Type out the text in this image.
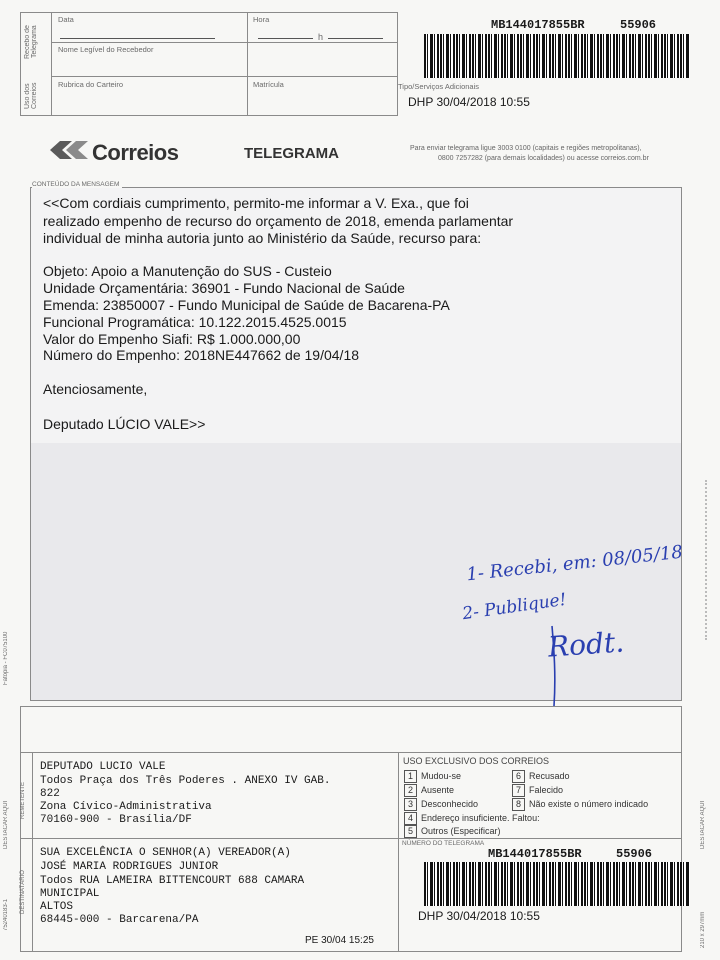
Recebo de Telegrama
Uso dos Correios
Data	Hora
h
Nome Legível do Recebedor
Rubrica do Carteiro	Matrícula
MB144017855BR	55906
Tipo/Serviços Adicionais
DHP 30/04/2018 10:55
Correios	TELEGRAMA	Para enviar telegrama ligue 3003 0100 (capitais e regiões metropolitanas),
0800 7257282 (para demais localidades) ou acesse correios.com.br
CONTEÚDO DA MENSAGEM
<<Com cordiais cumprimento, permito-me informar a V. Exa., que foi
realizado empenho de recurso do orçamento de 2018, emenda parlamentar
individual de minha autoria junto ao Ministério da Saúde, recurso para:
Objeto: Apoio a Manutenção do SUS - Custeio
Unidade Orçamentária: 36901 - Fundo Nacional de Saúde
Emenda: 23850007 - Fundo Municipal de Saúde de Bacarena-PA
Funcional Programática: 10.122.2015.4525.0015
Valor do Empenho Siafi: R$ 1.000.000,00
Número do Empenho: 2018NE447662 de 19/04/18
Atenciosamente,
Deputado LÚCIO VALE>>
1- Recebi, em: 08/05/18
2- Publique!
Rodt.
Fatopia - FC075100
75240183-1
DESTACAR AQUI	DESTACAR AQUI
210 x 297mm
REMETENTE
DEPUTADO LUCIO VALE
Todos Praça dos Três Poderes . ANEXO IV GAB.
822
Zona Cívico-Administrativa
70160-900 - Brasília/DF
USO EXCLUSIVO DOS CORREIOS
1 Mudou-se	6 Recusado
2 Ausente	7 Falecido
3 Desconhecido	8 Não existe o número indicado
4 Endereço insuficiente. Faltou:
5 Outros (Especificar)
DESTINATÁRIO
SUA EXCELÊNCIA O SENHOR(A) VEREADOR(A)
JOSÉ MARIA RODRIGUES JUNIOR
Todos RUA LAMEIRA BITTENCOURT 688 CAMARA
MUNICIPAL
ALTOS
68445-000 - Barcarena/PA
PE 30/04 15:25
NÚMERO DO TELEGRAMA
MB144017855BR	55906
DHP 30/04/2018 10:55
